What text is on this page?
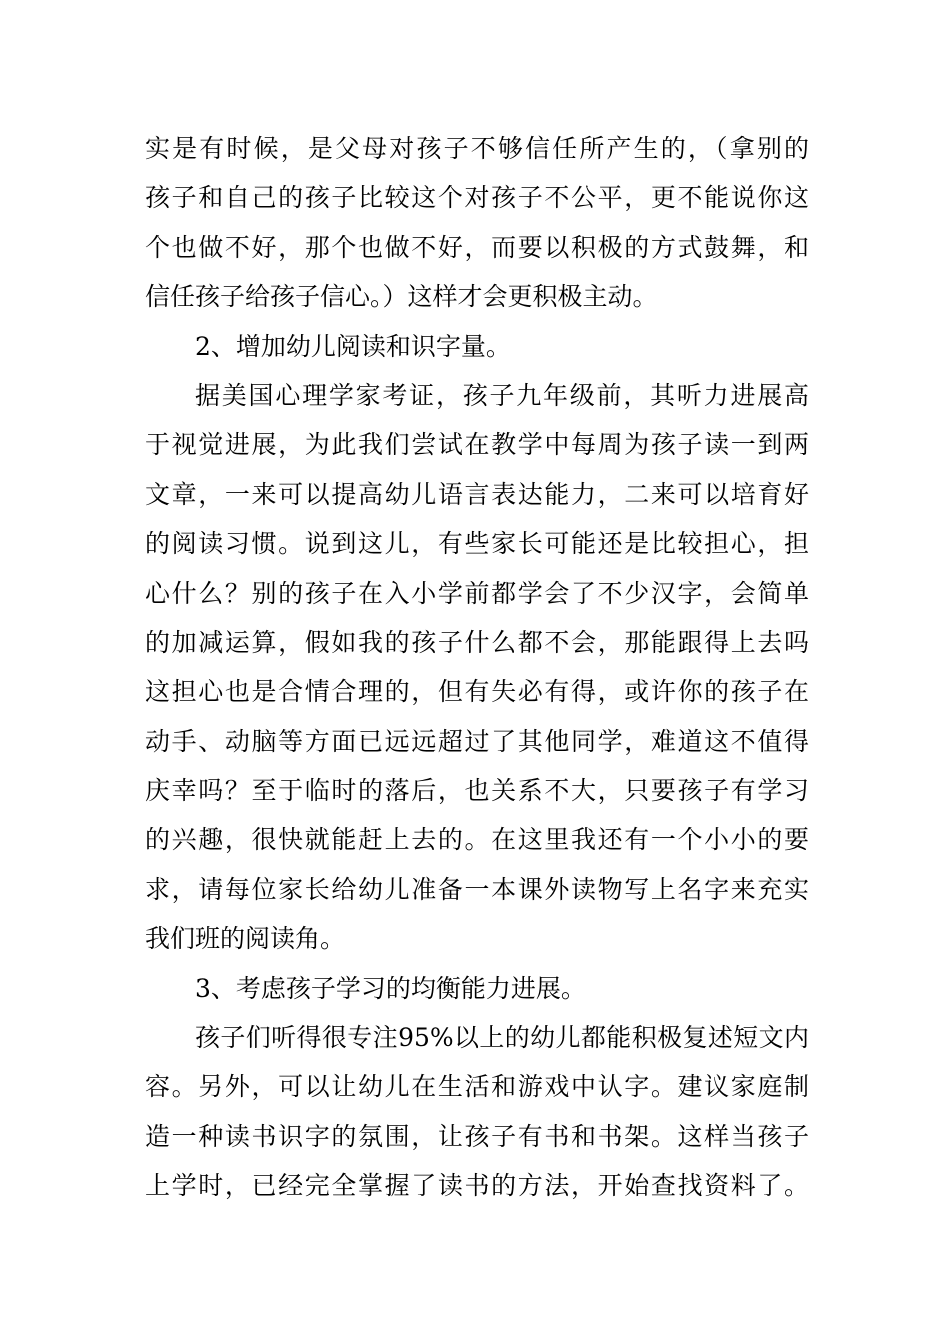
实是有时候，是父母对孩子不够信任所产生的，（拿别的
孩子和自己的孩子比较这个对孩子不公平，更不能说你这
个也做不好，那个也做不好，而要以积极的方式鼓舞，和
信任孩子给孩子信心。）这样才会更积极主动。
2、增加幼儿阅读和识字量。
据美国心理学家考证，孩子九年级前，其听力进展高
于视觉进展，为此我们尝试在教学中每周为孩子读一到两
文章，一来可以提高幼儿语言表达能力，二来可以培育好
的阅读习惯。说到这儿，有些家长可能还是比较担心，担
心什么？别的孩子在入小学前都学会了不少汉字，会简单
的加减运算，假如我的孩子什么都不会，那能跟得上去吗
这担心也是合情合理的，但有失必有得，或许你的孩子在
动手、动脑等方面已远远超过了其他同学，难道这不值得
庆幸吗？至于临时的落后，也关系不大，只要孩子有学习
的兴趣，很快就能赶上去的。在这里我还有一个小小的要
求，请每位家长给幼儿准备一本课外读物写上名字来充实
我们班的阅读角。
3、考虑孩子学习的均衡能力进展。
孩子们听得很专注95%以上的幼儿都能积极复述短文内
容。另外，可以让幼儿在生活和游戏中认字。建议家庭制
造一种读书识字的氛围，让孩子有书和书架。这样当孩子
上学时，已经完全掌握了读书的方法，开始查找资料了。
